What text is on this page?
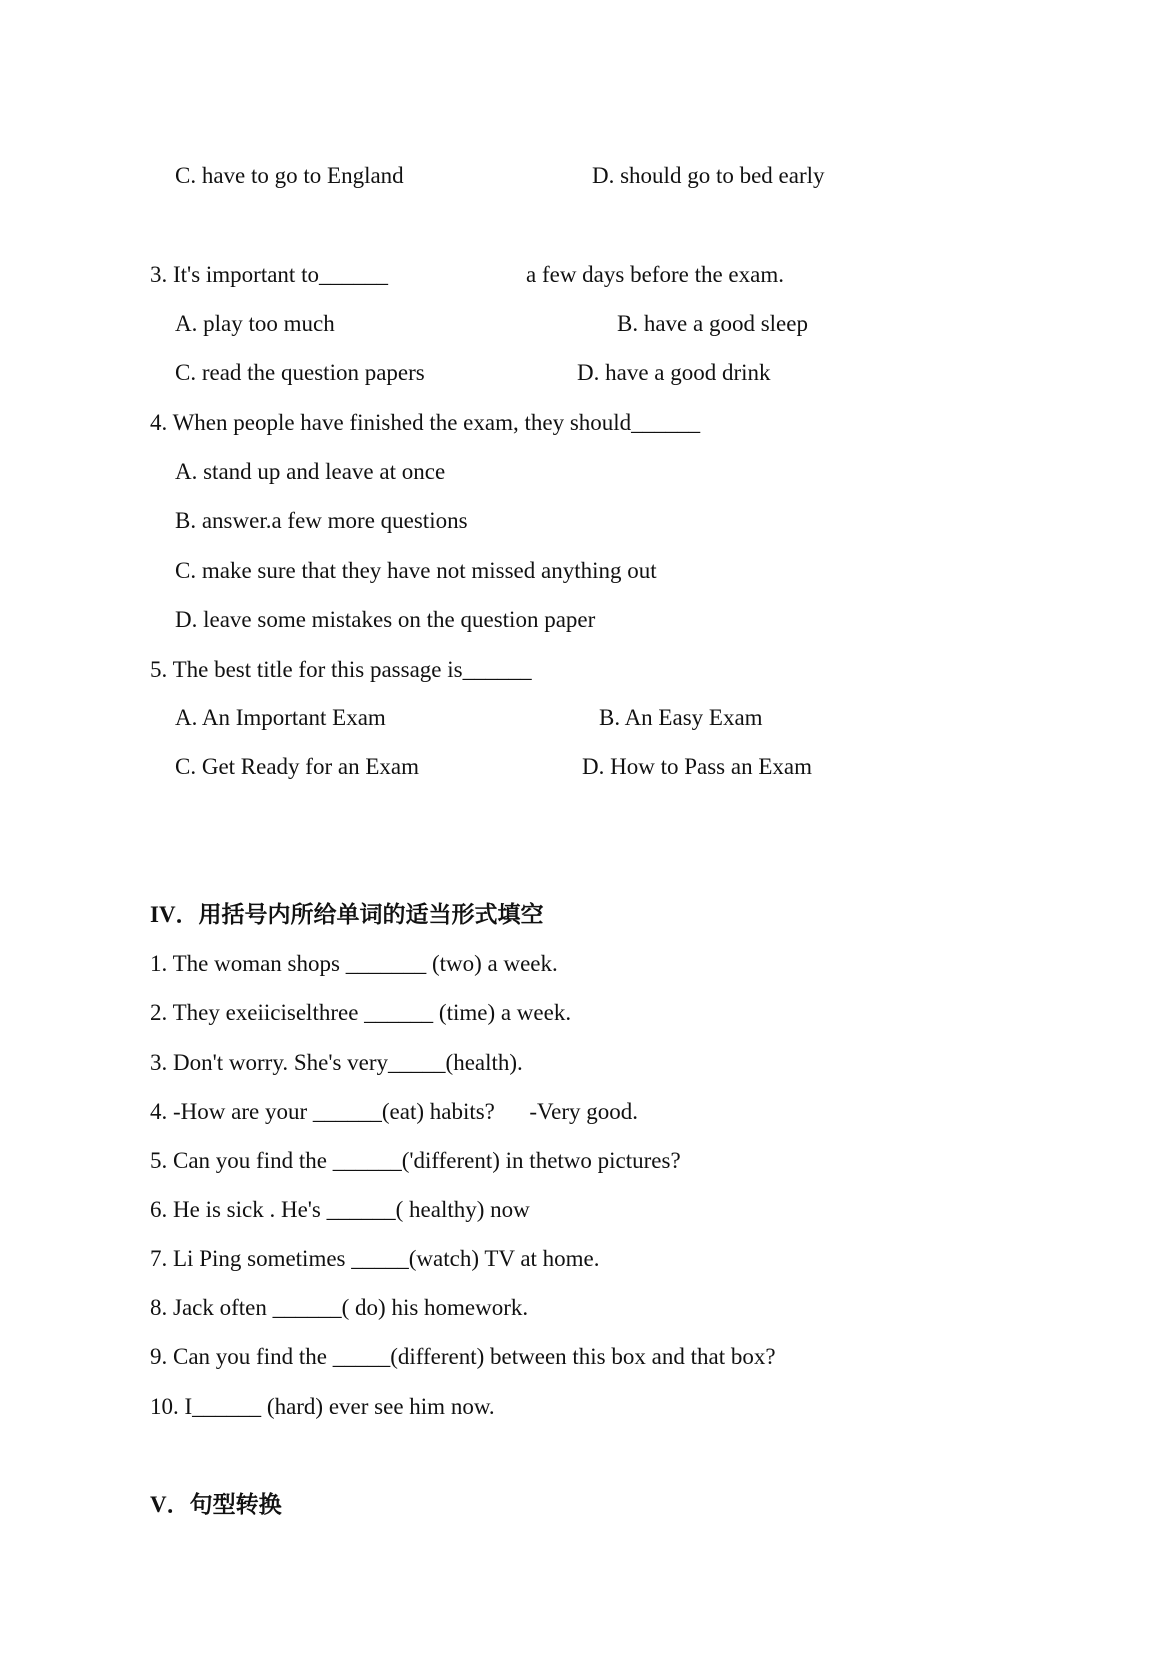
C. have to go to England	D. should go to bed early
3. It's important to______	a few days before the exam.
A. play too much	B. have a good sleep
C. read the question papers	D. have a good drink
4. When people have finished the exam, they should______
A. stand up and leave at once
B. answer.a few more questions
C. make sure that they have not missed anything out
D. leave some mistakes on the question paper
5. The best title for this passage is______
A. An Important Exam	B. An Easy Exam
C. Get Ready for an Exam	D. How to Pass an Exam
IV．用括号内所给单词的适当形式填空
1. The woman shops _______ (two) a week.
2. They exeiiciselthree ______ (time) a week.
3. Don't worry. She's very_____(health).
4. -How are your ______(eat) habits?      -Very good.
5. Can you find the ______('different) in thetwo pictures?
6. He is sick . He's ______( healthy) now
7. Li Ping sometimes _____(watch) TV at home.
8. Jack often ______( do) his homework.
9. Can you find the _____(different) between this box and that box?
10. I______ (hard) ever see him now.
V．句型转换
